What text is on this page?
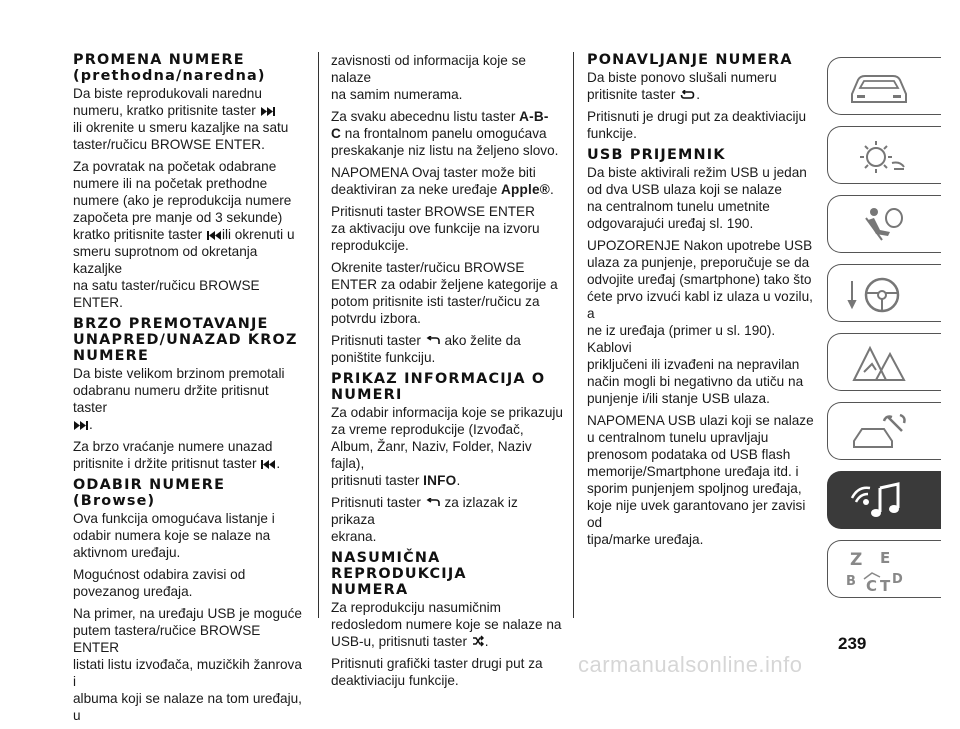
PROMENA NUMERE
(prethodna/naredna)

Da biste reprodukovali narednu
numeru, kratko pritisnite taster
ili okrenite u smeru kazaljke na satu
taster/ručicu BROWSE ENTER.

Za povratak na početak odabrane
numere ili na početak prethodne
numere (ako je reprodukcija numere
započeta pre manje od 3 sekunde)
kratko pritisnite taster ili okrenuti u
smeru suprotnom od okretanja kazaljke
na satu taster/ručicu BROWSE ENTER.

BRZO PREMOTAVANJE
UNAPRED/UNAZAD KROZ
NUMERE

Da biste velikom brzinom premotali
odabranu numeru držite pritisnut taster
.

Za brzo vraćanje numere unazad
pritisnite i držite pritisnut taster .

ODABIR NUMERE
(Browse)

Ova funkcija omogućava listanje i
odabir numera koje se nalaze na
aktivnom uređaju.

Mogućnost odabira zavisi od
povezanog uređaja.

Na primer, na uređaju USB je moguće
putem tastera/ručice BROWSE ENTER
listati listu izvođača, muzičkih žanrova i
albuma koji se nalaze na tom uređaju, u

zavisnosti od informacija koje se nalaze
na samim numerama.

Za svaku abecednu listu taster A-B-
C na frontalnom panelu omogućava
preskakanje niz listu na željeno slovo.

NAPOMENA Ovaj taster može biti
deaktiviran za neke uređaje Apple®.

Pritisnuti taster BROWSE ENTER
za aktivaciju ove funkcije na izvoru
reprodukcije.

Okrenite taster/ručicu BROWSE
ENTER za odabir željene kategorije a
potom pritisnite isti taster/ručicu za
potvrdu izbora.

Pritisnuti taster  ako želite da
poništite funkciju.

PRIKAZ INFORMACIJA O
NUMERI

Za odabir informacija koje se prikazuju
za vreme reprodukcije (Izvođač,
Album, Žanr, Naziv, Folder, Naziv fajla),
pritisnuti taster INFO.

Pritisnuti taster  za izlazak iz prikaza
ekrana.

NASUMIČNA
REPRODUKCIJA
NUMERA

Za reprodukciju nasumičnim
redosledom numere koje se nalaze na
USB-u, pritisnuti taster .

Pritisnuti grafički taster drugi put za
deaktiviaciju funkcije.

PONAVLJANJE NUMERA

Da biste ponovo slušali numeru
pritisnite taster .

Pritisnuti je drugi put za deaktiviaciju
funkcije.

USB PRIJEMNIK

Da biste aktivirali režim USB u jedan
od dva USB ulaza koji se nalaze
na centralnom tunelu umetnite
odgovarajući uređaj sl. 190.

UPOZORENJE Nakon upotrebe USB
ulaza za punjenje, preporučuje se da
odvojite uređaj (smartphone) tako što
ćete prvo izvući kabl iz ulaza u vozilu, a
ne iz uređaja (primer u sl. 190). Kablovi
priključeni ili izvađeni na nepravilan
način mogli bi negativno da utiču na
punjenje i/ili stanje USB ulaza.

NAPOMENA USB ulazi koji se nalaze
u centralnom tunelu upravljaju
prenosom podataka od USB flash
memorije/Smartphone uređaja itd. i
sporim punjenjem spoljnog uređaja,
koje nije uvek garantovano jer zavisi od
tipa/marke uređaja.

Z E
B C T D
239
carmanualsonline.info
